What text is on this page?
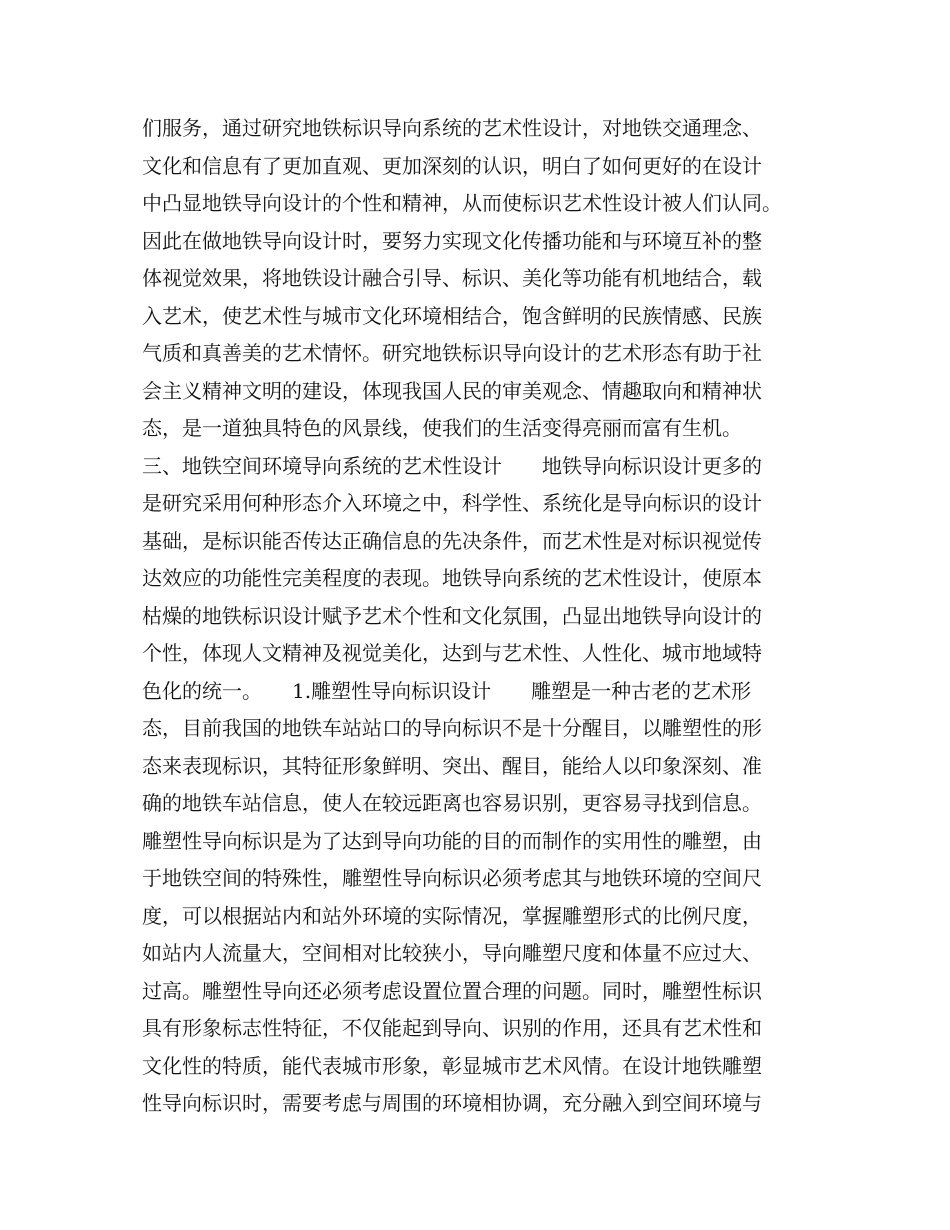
们服务，通过研究地铁标识导向系统的艺术性设计，对地铁交通理念、
文化和信息有了更加直观、更加深刻的认识，明白了如何更好的在设计
中凸显地铁导向设计的个性和精神，从而使标识艺术性设计被人们认同。
因此在做地铁导向设计时，要努力实现文化传播功能和与环境互补的整
体视觉效果，将地铁设计融合引导、标识、美化等功能有机地结合，载
入艺术，使艺术性与城市文化环境相结合，饱含鲜明的民族情感、民族
气质和真善美的艺术情怀。研究地铁标识导向设计的艺术形态有助于社
会主义精神文明的建设，体现我国人民的审美观念、情趣取向和精神状
态，是一道独具特色的风景线，使我们的生活变得亮丽而富有生机。
三、地铁空间环境导向系统的艺术性设计　　地铁导向标识设计更多的
是研究采用何种形态介入环境之中，科学性、系统化是导向标识的设计
基础，是标识能否传达正确信息的先决条件，而艺术性是对标识视觉传
达效应的功能性完美程度的表现。地铁导向系统的艺术性设计，使原本
枯燥的地铁标识设计赋予艺术个性和文化氛围，凸显出地铁导向设计的
个性，体现人文精神及视觉美化，达到与艺术性、人性化、城市地域特
色化的统一。　　1.雕塑性导向标识设计　　雕塑是一种古老的艺术形
态，目前我国的地铁车站站口的导向标识不是十分醒目，以雕塑性的形
态来表现标识，其特征形象鲜明、突出、醒目，能给人以印象深刻、准
确的地铁车站信息，使人在较远距离也容易识别，更容易寻找到信息。
雕塑性导向标识是为了达到导向功能的目的而制作的实用性的雕塑，由
于地铁空间的特殊性，雕塑性导向标识必须考虑其与地铁环境的空间尺
度，可以根据站内和站外环境的实际情况，掌握雕塑形式的比例尺度，
如站内人流量大，空间相对比较狭小，导向雕塑尺度和体量不应过大、
过高。雕塑性导向还必须考虑设置位置合理的问题。同时，雕塑性标识
具有形象标志性特征，不仅能起到导向、识别的作用，还具有艺术性和
文化性的特质，能代表城市形象，彰显城市艺术风情。在设计地铁雕塑
性导向标识时，需要考虑与周围的环境相协调，充分融入到空间环境与
